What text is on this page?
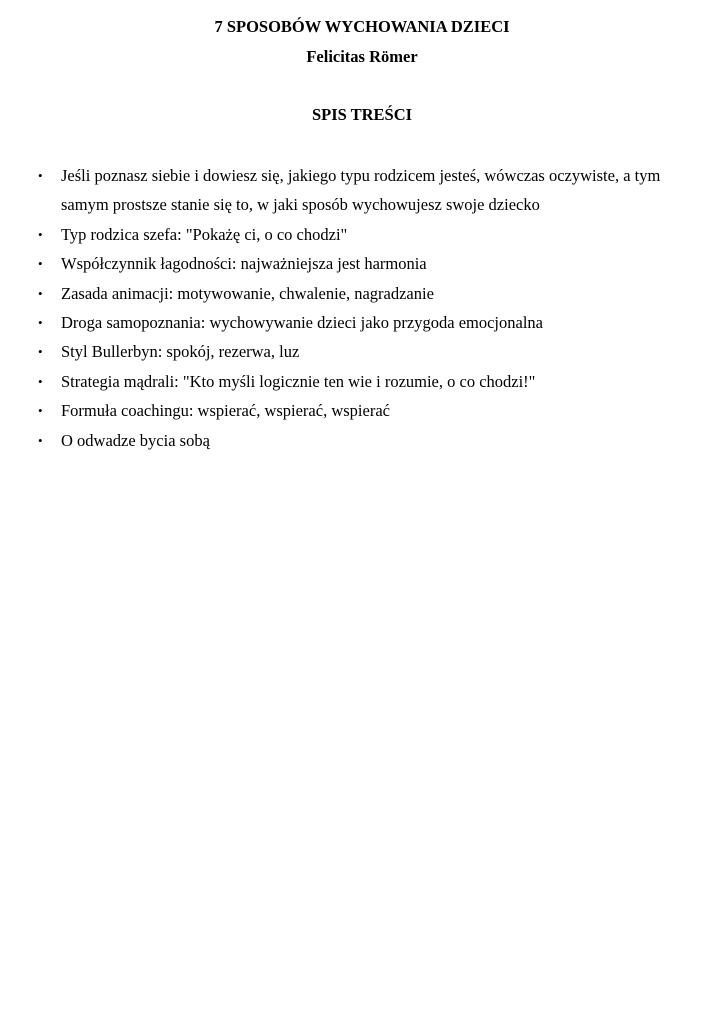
7 SPOSOBÓW WYCHOWANIA DZIECI
Felicitas Römer
SPIS TREŚCI
• Jeśli poznasz siebie i dowiesz się, jakiego typu rodzicem jesteś, wówczas oczywiste, a tym samym prostsze stanie się to, w jaki sposób wychowujesz swoje dziecko
• Typ rodzica szefa: "Pokażę ci, o co chodzi"
• Współczynnik łagodności: najważniejsza jest harmonia
• Zasada animacji: motywowanie, chwalenie, nagradzanie
• Droga samopoznania: wychowywanie dzieci jako przygoda emocjonalna
• Styl Bullerbyn: spokój, rezerwa, luz
• Strategia mądrali: "Kto myśli logicznie ten wie i rozumie, o co chodzi!"
• Formuła coachingu: wspierać, wspierać, wspierać
• O odwadze bycia sobą
